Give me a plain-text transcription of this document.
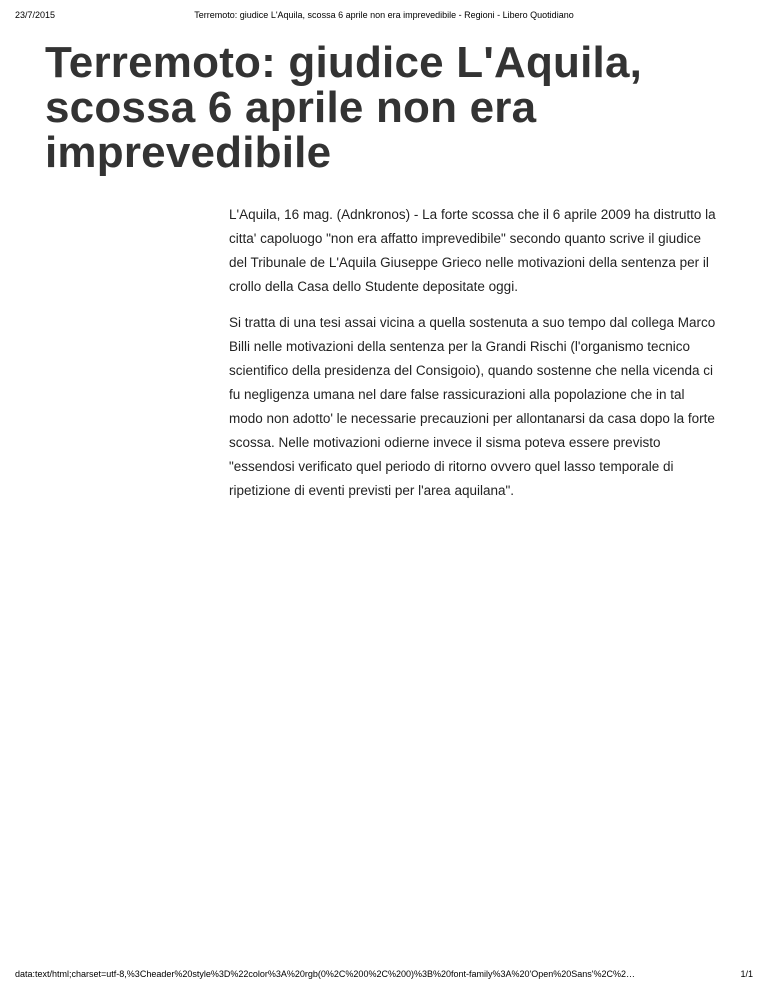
23/7/2015	Terremoto: giudice L'Aquila, scossa 6 aprile non era imprevedibile - Regioni - Libero Quotidiano
Terremoto: giudice L'Aquila, scossa 6 aprile non era imprevedibile

L'Aquila, 16 mag. (Adnkronos) - La forte scossa che il 6 aprile 2009 ha distrutto la citta' capoluogo "non era affatto imprevedibile" secondo quanto scrive il giudice del Tribunale de L'Aquila Giuseppe Grieco nelle motivazioni della sentenza per il crollo della Casa dello Studente depositate oggi.

Si tratta di una tesi assai vicina a quella sostenuta a suo tempo dal collega Marco Billi nelle motivazioni della sentenza per la Grandi Rischi (l'organismo tecnico scientifico della presidenza del Consigoio), quando sostenne che nella vicenda ci fu negligenza umana nel dare false rassicurazioni alla popolazione che in tal modo non adotto' le necessarie precauzioni per allontanarsi da casa dopo la forte scossa. Nelle motivazioni odierne invece il sisma poteva essere previsto "essendosi verificato quel periodo di ritorno ovvero quel lasso temporale di ripetizione di eventi previsti per l'area aquilana".

data:text/html;charset=utf-8,%3Cheader%20style%3D%22color%3A%20rgb(0%2C%200%2C%200)%3B%20font-family%3A%20'Open%20Sans'%2C%2…	1/1
